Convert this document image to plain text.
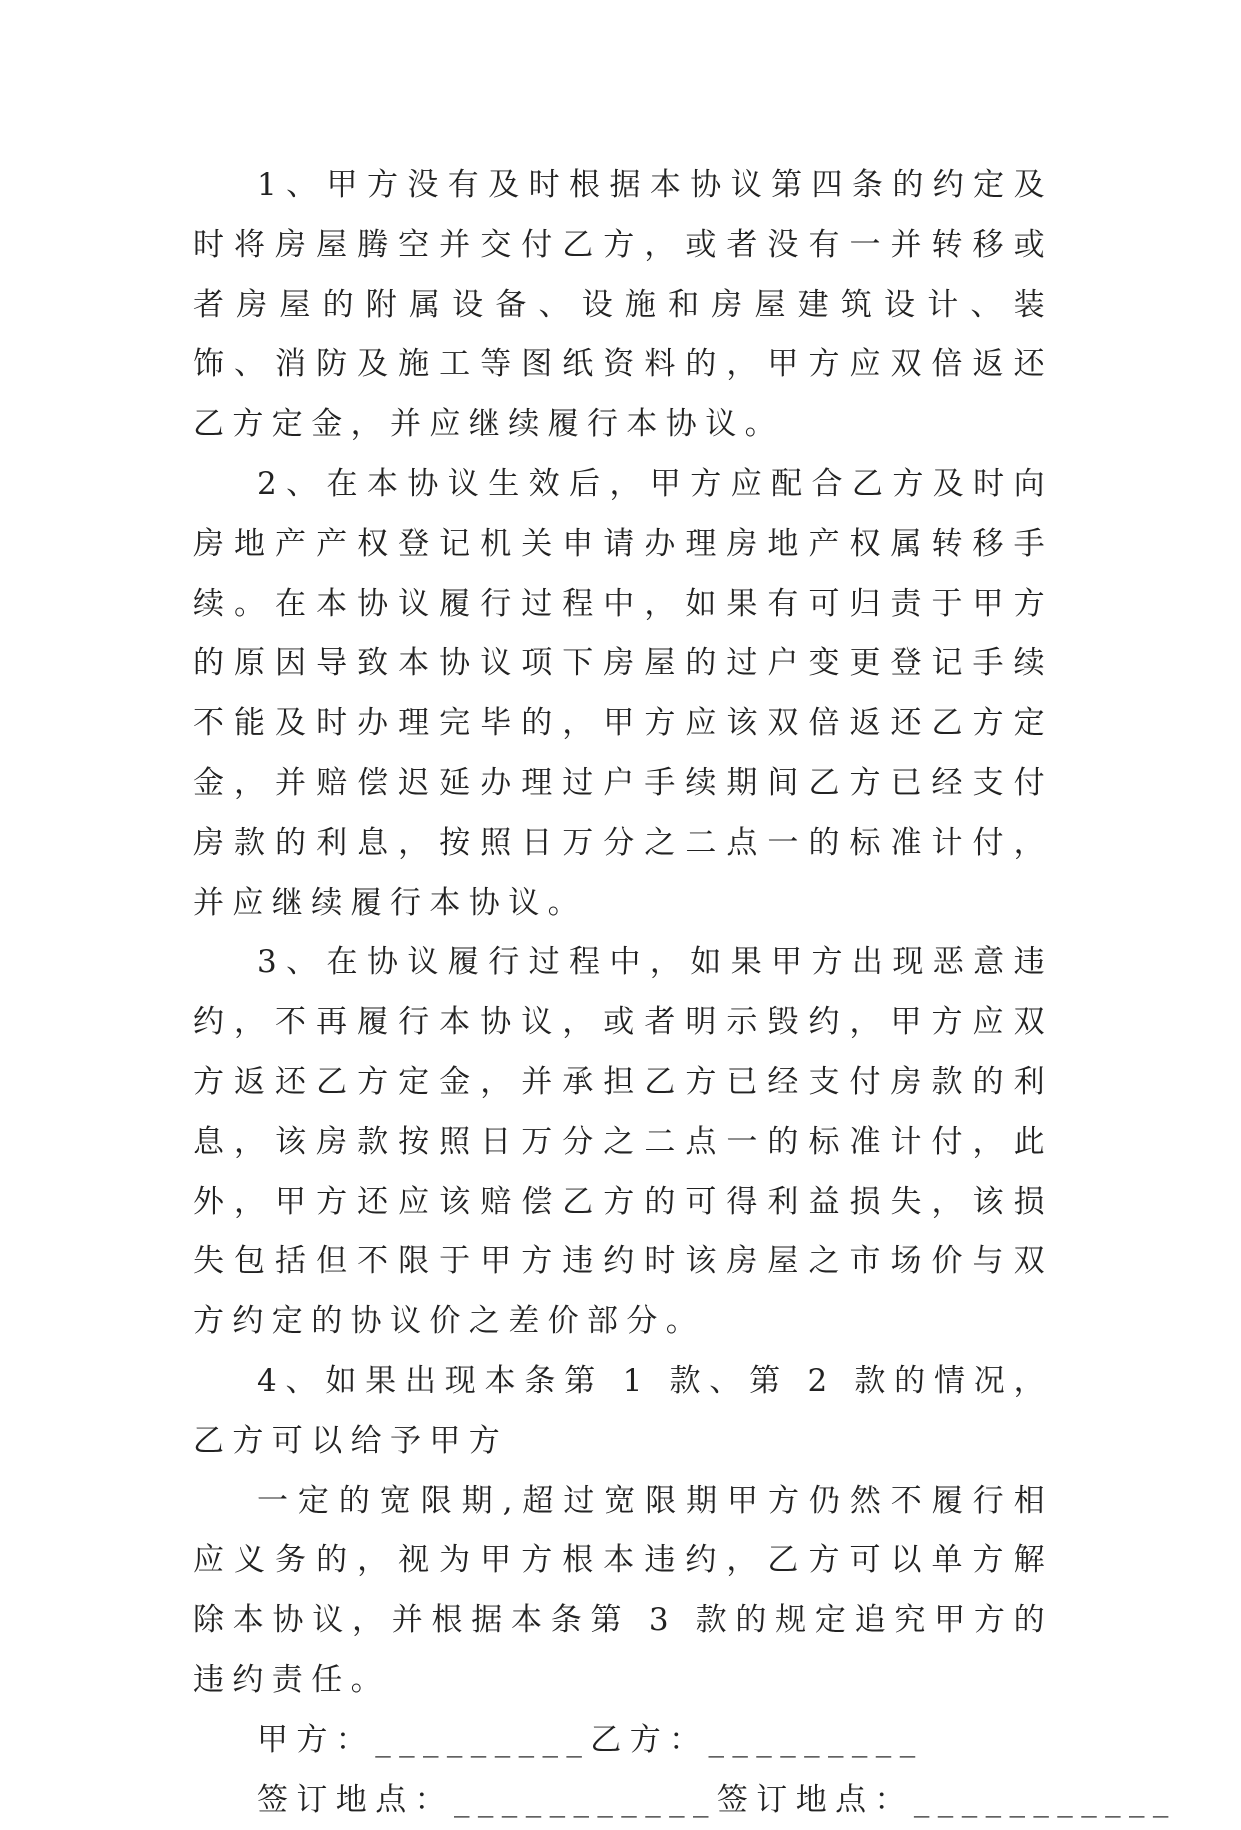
1、甲方没有及时根据本协议第四条的约定及时将房屋腾空并交付乙方，或者没有一并转移或者房屋的附属设备、设施和房屋建筑设计、装饰、消防及施工等图纸资料的，甲方应双倍返还乙方定金，并应继续履行本协议。

2、在本协议生效后，甲方应配合乙方及时向房地产产权登记机关申请办理房地产权属转移手续。在本协议履行过程中，如果有可归责于甲方的原因导致本协议项下房屋的过户变更登记手续不能及时办理完毕的，甲方应该双倍返还乙方定金，并赔偿迟延办理过户手续期间乙方已经支付房款的利息，按照日万分之二点一的标准计付，并应继续履行本协议。

3、在协议履行过程中，如果甲方出现恶意违约，不再履行本协议，或者明示毁约，甲方应双方返还乙方定金，并承担乙方已经支付房款的利息，该房款按照日万分之二点一的标准计付，此外，甲方还应该赔偿乙方的可得利益损失，该损失包括但不限于甲方违约时该房屋之市场价与双方约定的协议价之差价部分。

4、如果出现本条第 1 款、第 2 款的情况，乙方可以给予甲方

一定的宽限期,超过宽限期甲方仍然不履行相应义务的，视为甲方根本违约，乙方可以单方解除本协议，并根据本条第 3 款的规定追究甲方的违约责任。

甲方：_________乙方：_________

签订地点：___________签订地点：___________
